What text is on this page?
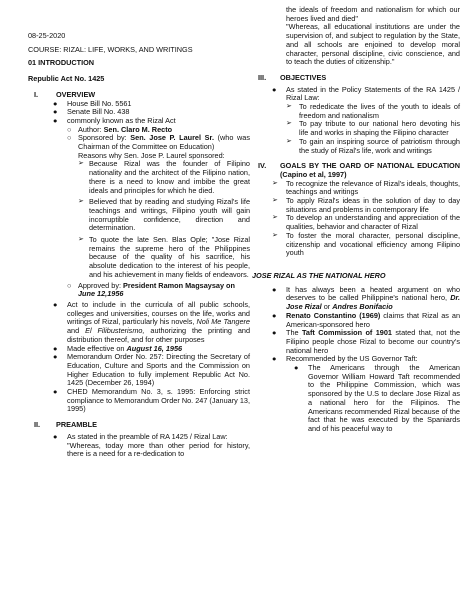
08-25-2020

COURSE: RIZAL: LIFE, WORKS, AND WRITINGS

01 INTRODUCTION

Republic Act No. 1425

I. OVERVIEW

● House Bill No. 5561

● Senate Bill No. 438

● commonly known as the Rizal Act

○ Author: Sen. Claro M. Recto

○ Sponsored by: Sen. Jose P. Laurel Sr. (who was Chairman of the Committee on Education)

Reasons why Sen. Jose P. Laurel sponsored:

➢ Because Rizal was the founder of Filipino nationality and the architect of the Filipino nation, there is a need to know and imbibe the great ideals and principles for which he died.

➢ Believed that by reading and studying Rizal's life teachings and writings, Filipino youth will gain incorruptible confidence, direction and determination.

➢ To quote the late Sen. Blas Ople; "Jose Rizal remains the supreme hero of the Philippines because of the quality of his sacrifice, his absolute dedication to the interest of his people, and his achievement in many fields of endeavors.

○ Approved by: President Ramon Magsaysay on June 12,1956

● Act to include in the curricula of all public schools, colleges and universities, courses on the life, works and writings of Rizal, particularly his novels, Noli Me Tangere and El Filibusterismo, authorizing the printing and distribution thereof, and for other purposes

● Made effective on August 16, 1956

● Memorandum Order No. 257: Directing the Secretary of Education, Culture and Sports and the Commission on Higher Education to fully implement Republic Act No. 1425 (December 26, 1994)

● CHED Memorandum No. 3, s. 1995: Enforcing strict compliance to Memorandum Order No. 247 (January 13, 1995)

II. PREAMBLE

● As stated in the preamble of RA 1425 / Rizal Law:

"Whereas, today more than other period for history, there is a need for a re-dedication to

the ideals of freedom and nationalism for which our heroes lived and died"

"Whereas, all educational institutions are under the supervision of, and subject to regulation by the State, and all schools are enjoined to develop moral character, personal discipline, civic conscience, and to teach the duties of citizenship."

III. OBJECTIVES

● As stated in the Policy Statements of the RA 1425 / Rizal Law:

➢ To rededicate the lives of the youth to ideals of freedom and nationalism

➢ To pay tribute to our national hero devoting his life and works in shaping the Filipino character

➢ To gain an inspiring source of patriotism through the study of Rizal's life, work and writings

IV. GOALS BY THE OARD OF NATIONAL EDUCATION (Capino et al, 1997)

➢ To recognize the relevance of Rizal's ideals, thoughts, teachings and writings

➢ To apply Rizal's ideas in the solution of day to day situations and problems in contemporary life

➢ To develop an understanding and appreciation of the qualities, behavior and character of Rizal

➢ To foster the moral character, personal discipline, citizenship and vocational efficiency among Filipino youth

JOSE RIZAL AS THE NATIONAL HERO

● It has always been a heated argument on who deserves to be called Philippine's national hero, Dr. Jose Rizal or Andres Bonifacio

● Renato Constantino (1969) claims that Rizal as an American-sponsored hero

● The Taft Commission of 1901 stated that, not the Filipino people chose Rizal to become our country's national hero

● Recommended by the US Governor Taft:

● The Americans through the American Governor William Howard Taft recommended to the Philippine Commission, which was sponsored by the U.S to declare Jose Rizal as a national hero for the Filipinos. The Americans recommended Rizal because of the fact that he was executed by the Spaniards and of his peaceful way to
